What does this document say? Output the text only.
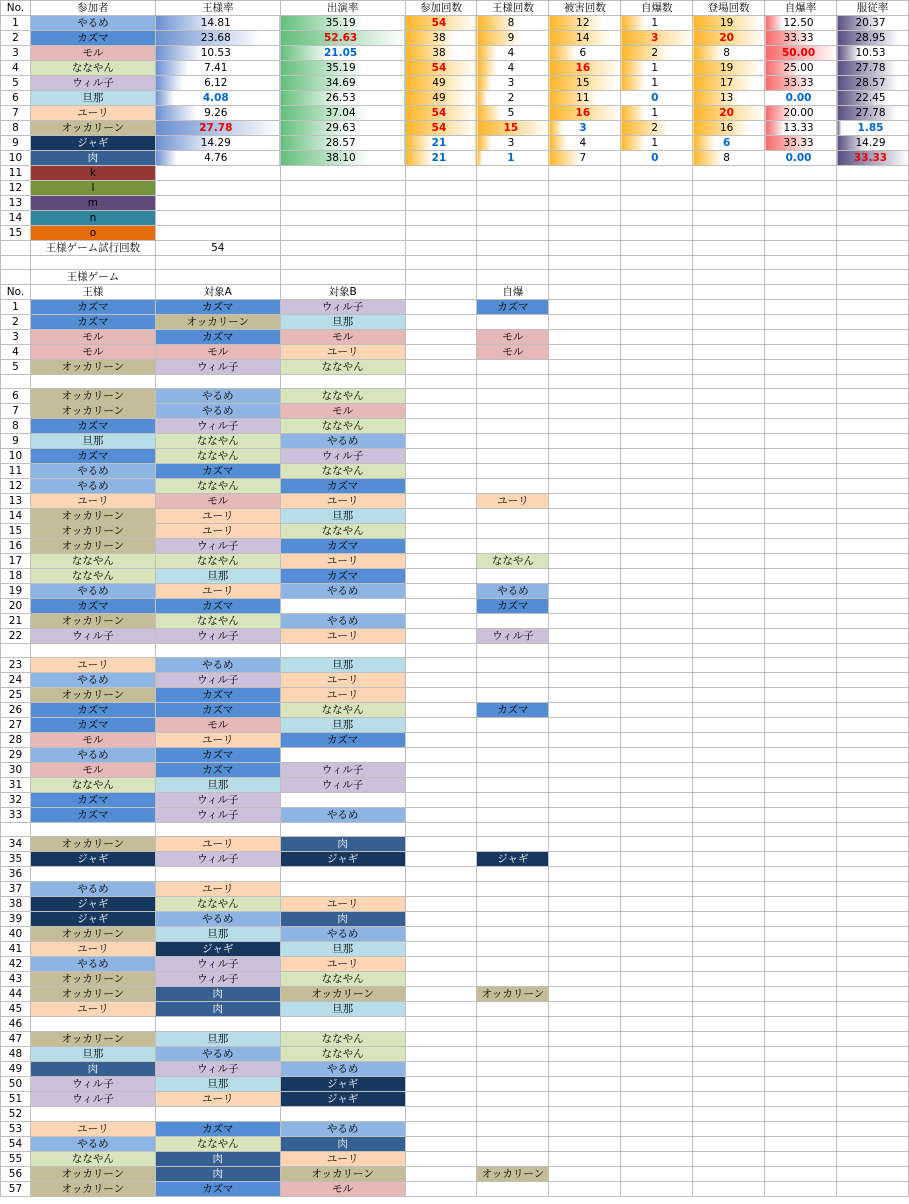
No.	参加者	王様率	出演率	参加回数	王様回数	被害回数	自爆数	登場回数	自爆率	服従率
1	やるめ	14.81	35.19	54	8	12	1	19	12.50	20.37
2	カズマ	23.68	52.63	38	9	14	3	20	33.33	28.95
3	モル	10.53	21.05	38	4	6	2	8	50.00	10.53
4	ななやん	7.41	35.19	54	4	16	1	19	25.00	27.78
5	ウィル子	6.12	34.69	49	3	15	1	17	33.33	28.57
6	旦那	4.08	26.53	49	2	11	0	13	0.00	22.45
7	ユーリ	9.26	37.04	54	5	16	1	20	20.00	27.78
8	オッカリーン	27.78	29.63	54	15	3	2	16	13.33	1.85
9	ジャギ	14.29	28.57	21	3	4	1	6	33.33	14.29
10	肉	4.76	38.10	21	1	7	0	8	0.00	33.33
11	k									
12	l									
13	m									
14	n									
15	o									
	王様ゲーム試行回数	54								

	王様ゲーム									
No.	王様	対象A	対象B		自爆					
1	カズマ	カズマ	ウィル子		カズマ					
2	カズマ	オッカリーン	旦那							
3	モル	カズマ	モル		モル					
4	モル	モル	ユーリ		モル					
5	オッカリーン	ウィル子	ななやん							

6	オッカリーン	やるめ	ななやん							
7	オッカリーン	やるめ	モル							
8	カズマ	ウィル子	ななやん							
9	旦那	ななやん	やるめ							
10	カズマ	ななやん	ウィル子							
11	やるめ	カズマ	ななやん							
12	やるめ	ななやん	カズマ							
13	ユーリ	モル	ユーリ		ユーリ					
14	オッカリーン	ユーリ	旦那							
15	オッカリーン	ユーリ	ななやん							
16	オッカリーン	ウィル子	カズマ							
17	ななやん	ななやん	ユーリ		ななやん					
18	ななやん	旦那	カズマ							
19	やるめ	ユーリ	やるめ		やるめ					
20	カズマ	カズマ			カズマ					
21	オッカリーン	ななやん	やるめ							
22	ウィル子	ウィル子	ユーリ		ウィル子					

23	ユーリ	やるめ	旦那							
24	やるめ	ウィル子	ユーリ							
25	オッカリーン	カズマ	ユーリ							
26	カズマ	カズマ	ななやん		カズマ					
27	カズマ	モル	旦那							
28	モル	ユーリ	カズマ							
29	やるめ	カズマ								
30	モル	カズマ	ウィル子							
31	ななやん	旦那	ウィル子							
32	カズマ	ウィル子								
33	カズマ	ウィル子	やるめ							

34	オッカリーン	ユーリ	肉							
35	ジャギ	ウィル子	ジャギ		ジャギ					
36										
37	やるめ	ユーリ								
38	ジャギ	ななやん	ユーリ							
39	ジャギ	やるめ	肉							
40	オッカリーン	旦那	やるめ							
41	ユーリ	ジャギ	旦那							
42	やるめ	ウィル子	ユーリ							
43	オッカリーン	ウィル子	ななやん							
44	オッカリーン	肉	オッカリーン		オッカリーン					
45	ユーリ	肉	旦那							
46										
47	オッカリーン	旦那	ななやん							
48	旦那	やるめ	ななやん							
49	肉	ウィル子	やるめ							
50	ウィル子	旦那	ジャギ							
51	ウィル子	ユーリ	ジャギ							
52										
53	ユーリ	カズマ	やるめ							
54	やるめ	ななやん	肉							
55	ななやん	肉	ユーリ							
56	オッカリーン	肉	オッカリーン		オッカリーン					
57	オッカリーン	カズマ	モル							
